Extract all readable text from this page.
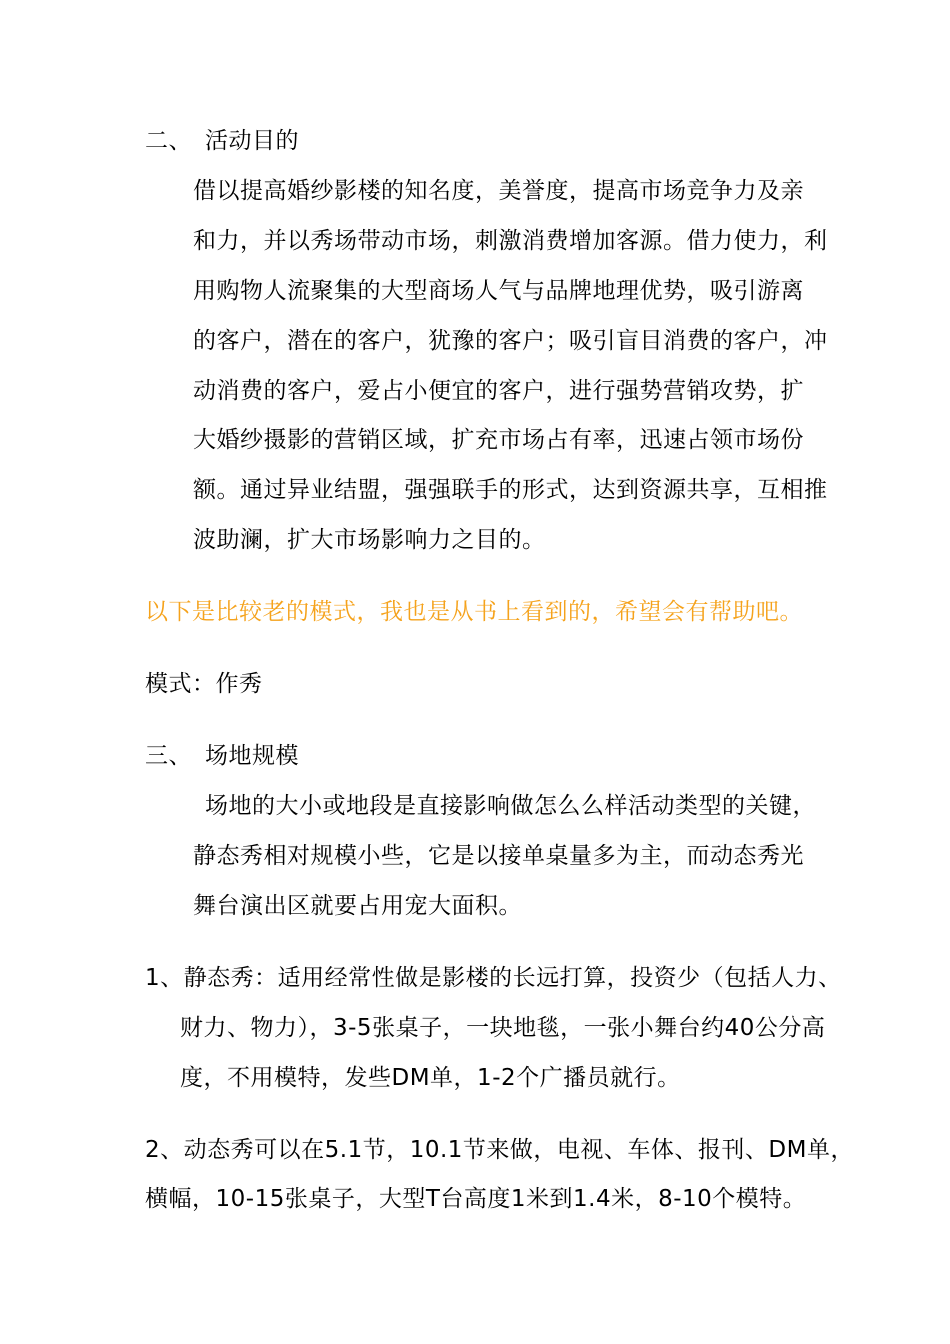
二、 活动目的
借以提高婚纱影楼的知名度，美誉度，提高市场竞争力及亲
和力，并以秀场带动市场，刺激消费增加客源。借力使力，利
用购物人流聚集的大型商场人气与品牌地理优势，吸引游离
的客户，潜在的客户，犹豫的客户；吸引盲目消费的客户，冲
动消费的客户，爱占小便宜的客户，进行强势营销攻势，扩
大婚纱摄影的营销区域，扩充市场占有率，迅速占领市场份
额。通过异业结盟，强强联手的形式，达到资源共享，互相推
波助澜，扩大市场影响力之目的。
以下是比较老的模式，我也是从书上看到的，希望会有帮助吧。
模式：作秀
三、 场地规模
场地的大小或地段是直接影响做怎么么样活动类型的关键，
静态秀相对规模小些，它是以接单桌量多为主，而动态秀光
舞台演出区就要占用宠大面积。
1、静态秀：适用经常性做是影楼的长远打算，投资少（包括人力、
财力、物力），3-5张桌子，一块地毯，一张小舞台约40公分高
度，不用模特，发些DM单，1-2个广播员就行。
2、动态秀可以在5.1节，10.1节来做，电视、车体、报刊、DM单，
横幅，10-15张桌子，大型T台高度1米到1.4米，8-10个模特。
